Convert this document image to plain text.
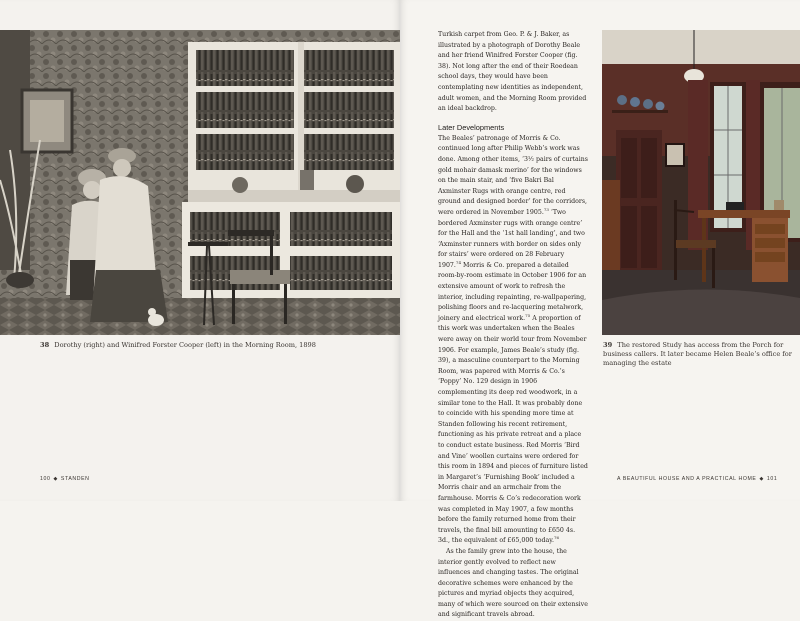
38 Dorothy (right) and Winifred Forster Cooper (left) in the Morning Room, 1898	39 The restored Study has access from the Porch for business callers. It later became Helen Beale’s office for managing the estate

Turkish carpet from Geo. P. & J. Baker, as illustrated by a photograph of Dorothy Beale and her friend Winifred Forster Cooper (fig. 38). Not long after the end of their Roedean school days, they would have been contemplating new identities as independent, adult women, and the Morning Room provided an ideal backdrop.

Later Developments

The Beales’ patronage of Morris & Co. continued long after Philip Webb’s work was done. Among other items, ‘3½ pairs of curtains gold mohair damask merino’ for the windows on the main stair, and ‘five Bakri Bal Axminster Rugs with orange centre, red ground and designed border’ for the corridors, were ordered in November 1905.73 ‘Two bordered Axminster rugs with orange centre’ for the Hall and the ‘1st hall landing’, and two ‘Axminster runners with border on sides only for stairs’ were ordered on 28 February 1907.74 Morris & Co. prepared a detailed room-by-room estimate in October 1906 for an extensive amount of work to refresh the interior, including repainting, re-wallpapering, polishing floors and re-lacquering metalwork, joinery and electrical work.$^{75}$ A proportion of this work was undertaken when the Beales were away on their world tour from November 1906. For example, James Beale’s study (fig. 39), a masculine counterpart to the Morning Room, was papered with Morris & Co.’s ‘Poppy’ No. 129 design in 1906 complementing its deep red woodwork, in a similar tone to the Hall. It was probably done to coincide with his spending more time at Standen following his recent retirement, functioning as his private retreat and a place to conduct estate business. Red Morris ‘Bird and Vine’ woollen curtains were ordered for this room in 1894 and pieces of furniture listed in Margaret’s ‘Furnishing Book’ included a Morris chair and an armchair from the farmhouse. Morris & Co’s redecoration work was completed in May 1907, a few months before the family returned home from their travels, the final bill amounting to £650 4s. 3d., the equivalent of £65,000 today.$^{76}$

As the family grew into the house, the interior gently evolved to reflect new influences and changing tastes. The original decorative schemes were enhanced by the pictures and myriad objects they acquired, many of which were sourced on their extensive and significant travels abroad.

100 ◆ STANDEN	A BEAUTIFUL HOUSE AND A PRACTICAL HOME ◆ 101
